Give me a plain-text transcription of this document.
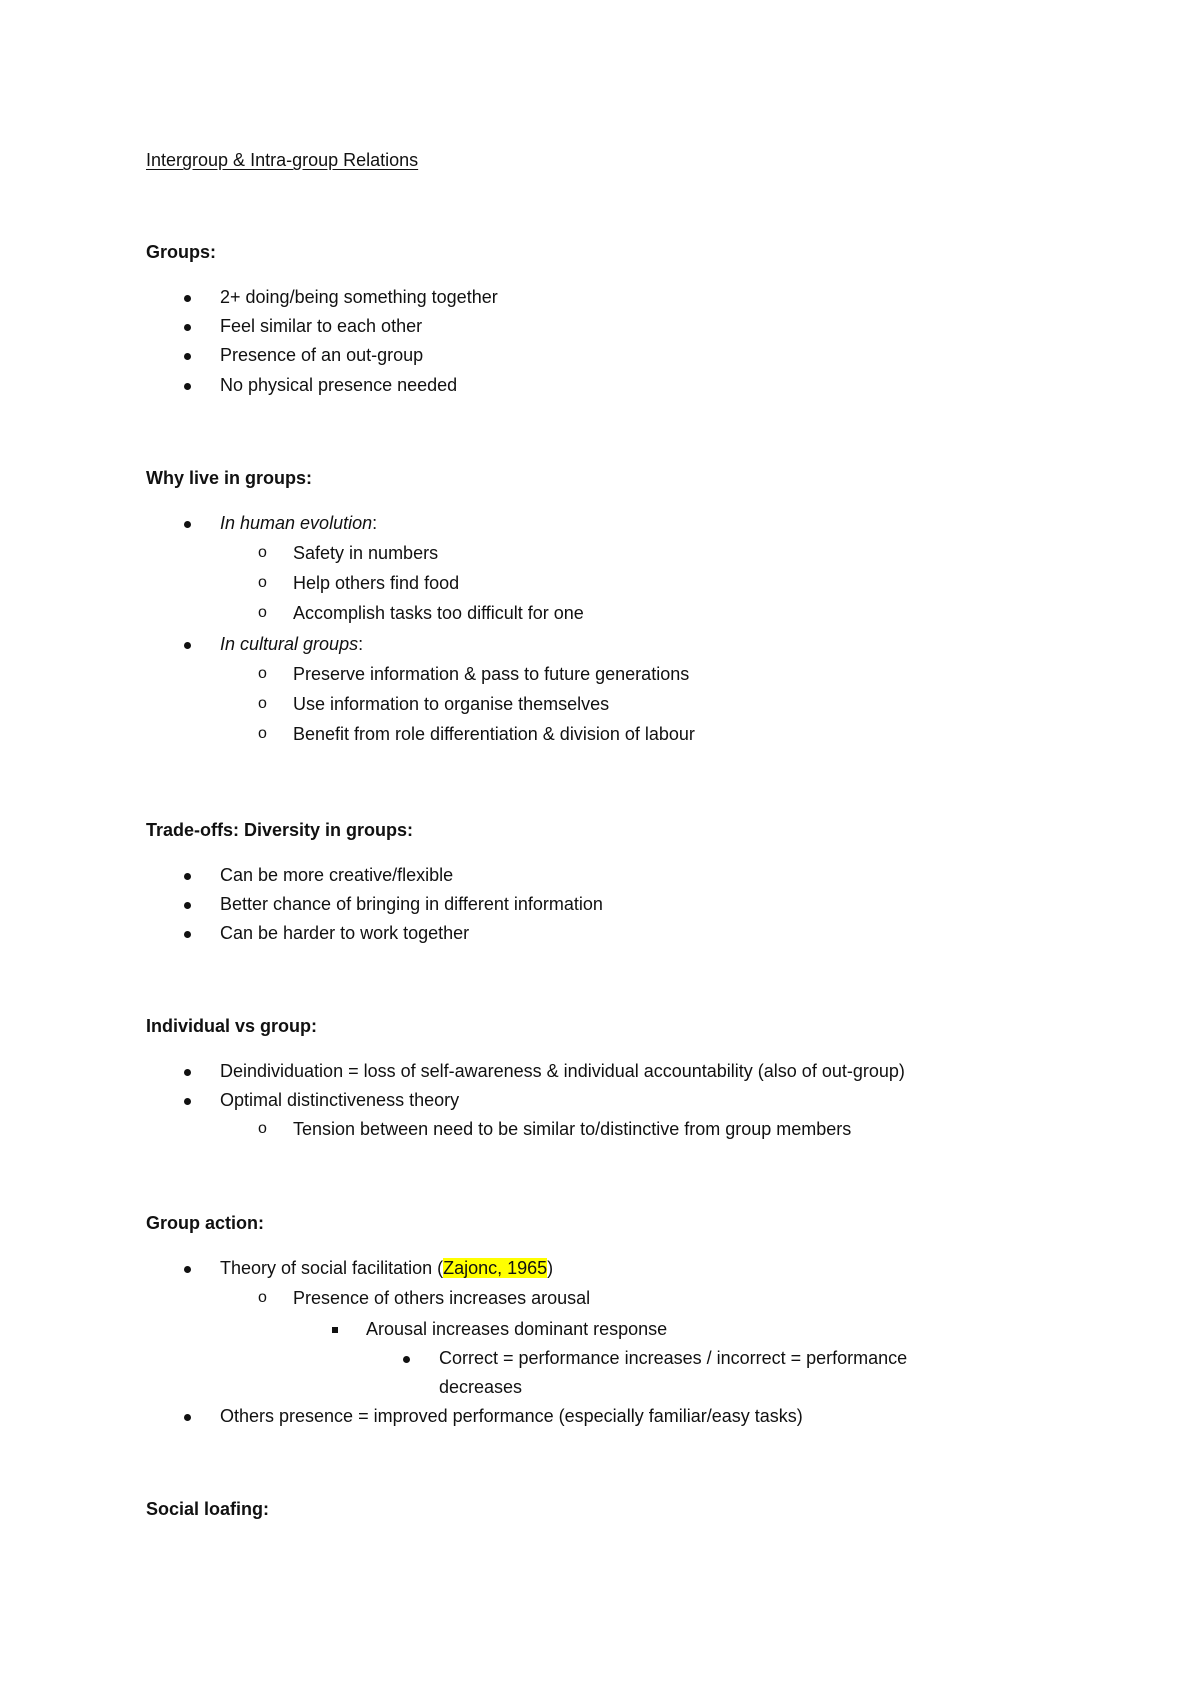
Intergroup & Intra-group Relations
Groups:
2+ doing/being something together
Feel similar to each other
Presence of an out-group
No physical presence needed
Why live in groups:
In human evolution:
o Safety in numbers
o Help others find food
o Accomplish tasks too difficult for one
In cultural groups:
o Preserve information & pass to future generations
o Use information to organise themselves
o Benefit from role differentiation & division of labour
Trade-offs: Diversity in groups:
Can be more creative/flexible
Better chance of bringing in different information
Can be harder to work together
Individual vs group:
Deindividuation = loss of self-awareness & individual accountability (also of out-group)
Optimal distinctiveness theory
o Tension between need to be similar to/distinctive from group members
Group action:
Theory of social facilitation (Zajonc, 1965)
o Presence of others increases arousal
Arousal increases dominant response
Correct = performance increases / incorrect = performance
decreases
Others presence = improved performance (especially familiar/easy tasks)
Social loafing:
